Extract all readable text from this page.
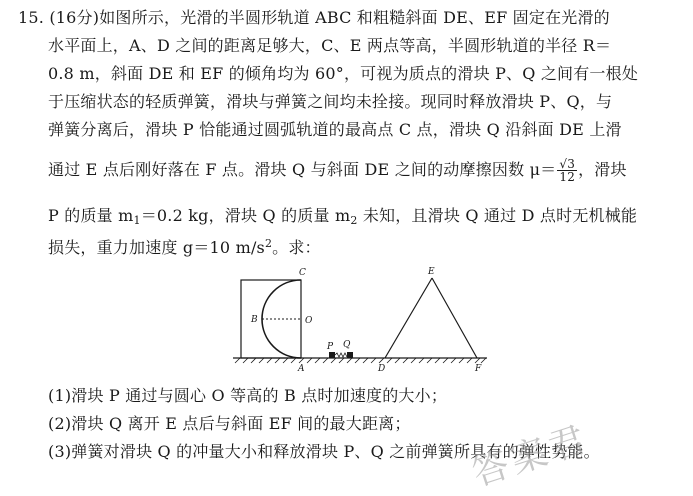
15. (16分)如图所示，光滑的半圆形轨道 ABC 和粗糙斜面 DE、EF 固定在光滑的
水平面上，A、D 之间的距离足够大，C、E 两点等高，半圆形轨道的半径 R＝
0.8 m，斜面 DE 和 EF 的倾角均为 60°，可视为质点的滑块 P、Q 之间有一根处
于压缩状态的轻质弹簧，滑块与弹簧之间均未拴接。现同时释放滑块 P、Q，与
弹簧分离后，滑块 P 恰能通过圆弧轨道的最高点 C 点，滑块 Q 沿斜面 DE 上滑
通过 E 点后刚好落在 F 点。滑块 Q 与斜面 DE 之间的动摩擦因数 $\mu= \frac{√3}{12}$ ，滑块
P 的质量 $m_1=0.2$ kg，滑块 Q 的质量 $m_2$ 未知，且滑块 Q 通过 D 点时无机械能
损失，重力加速度 g＝10 $m/s^2$。求：
C
B	O
A
P Q
D
E
F
(1)滑块 P 通过与圆心 O 等高的 B 点时加速度的大小；
(2)滑块 Q 离开 E 点后与斜面 EF 间的最大距离；
(3)弹簧对滑块 Q 的冲量大小和释放滑块 P、Q 之前弹簧所具有的弹性势能。
答案君
